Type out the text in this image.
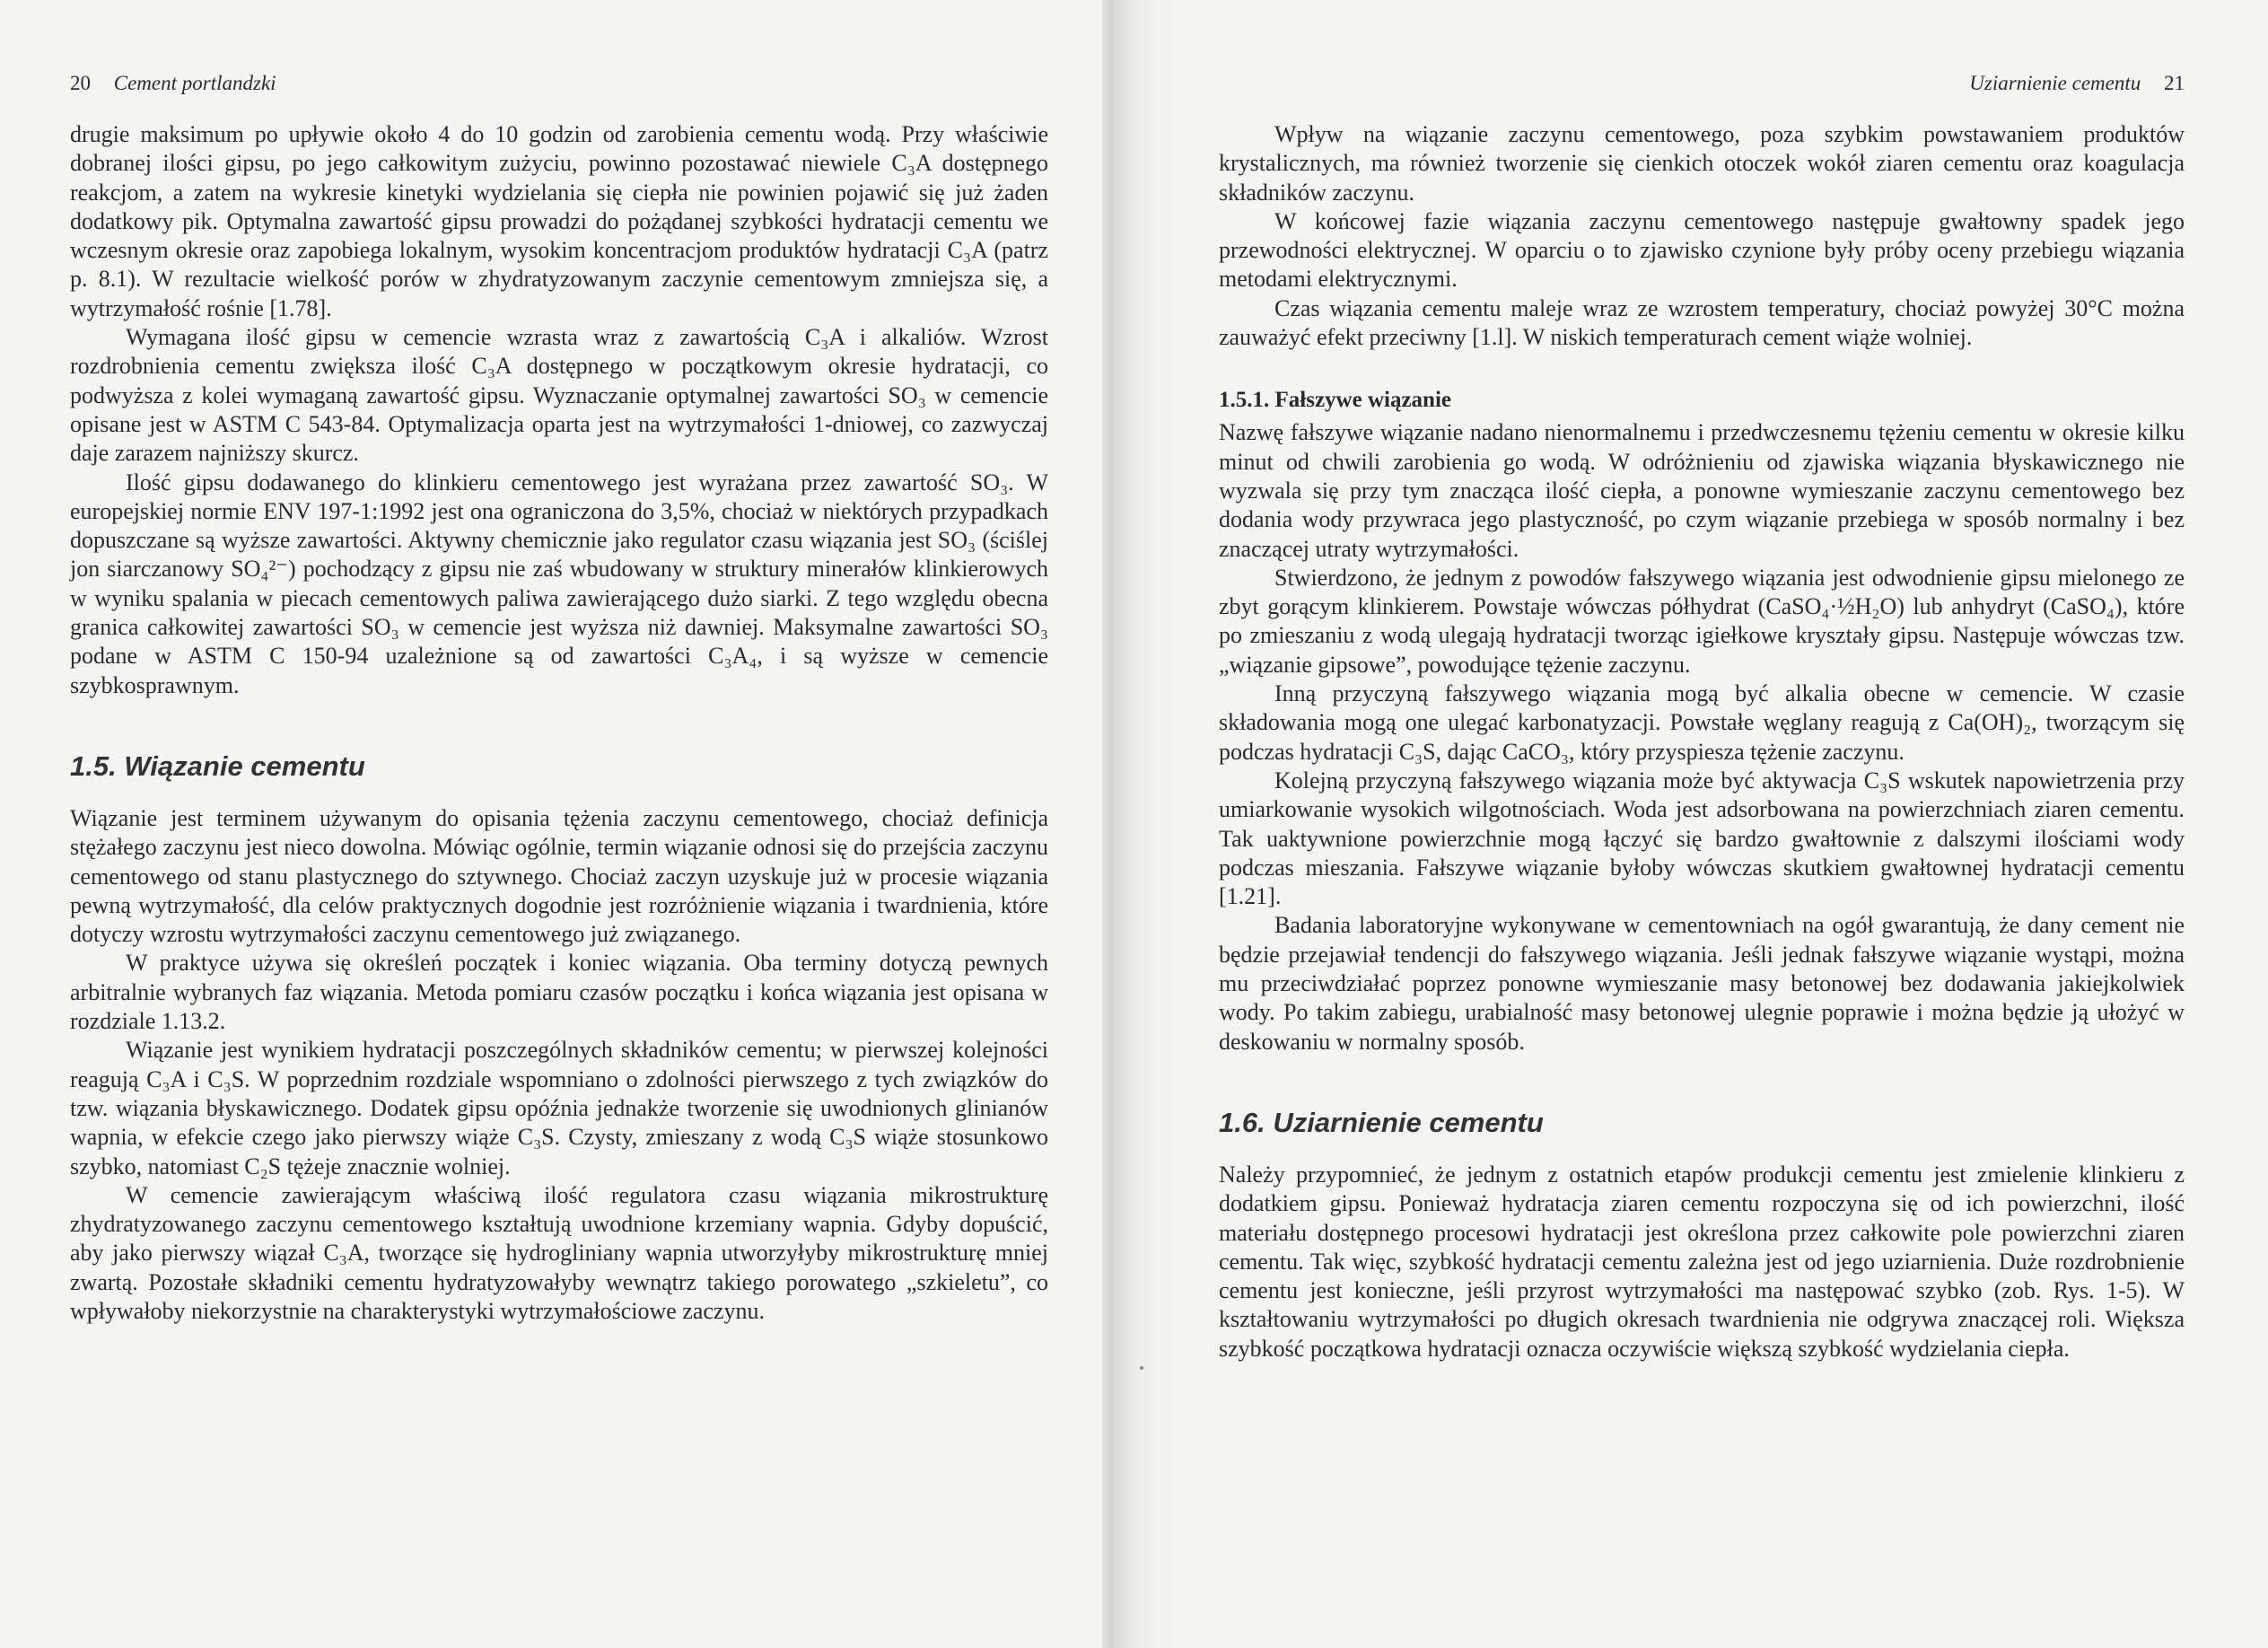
20 Cement portlandzki

drugie maksimum po upływie około 4 do 10 godzin od zarobienia cementu wodą. Przy właściwie dobranej ilości gipsu, po jego całkowitym zużyciu, powinno pozostawać niewiele C₃A dostępnego reakcjom, a zatem na wykresie kinetyki wydzielania się ciepła nie powinien pojawić się już żaden dodatkowy pik. Optymalna zawartość gipsu prowadzi do pożądanej szybkości hydratacji cementu we wczesnym okresie oraz zapobiega lokalnym, wysokim koncentracjom produktów hydratacji C₃A (patrz p. 8.1). W rezultacie wielkość porów w zhydratyzowanym zaczynie cementowym zmniejsza się, a wytrzymałość rośnie [1.78].

Wymagana ilość gipsu w cemencie wzrasta wraz z zawartością C₃A i alkaliów. Wzrost rozdrobnienia cementu zwiększa ilość C₃A dostępnego w początkowym okresie hydratacji, co podwyższa z kolei wymaganą zawartość gipsu. Wyznaczanie optymalnej zawartości SO₃ w cemencie opisane jest w ASTM C 543-84. Optymalizacja oparta jest na wytrzymałości 1-dniowej, co zazwyczaj daje zarazem najniższy skurcz.

Ilość gipsu dodawanego do klinkieru cementowego jest wyrażana przez zawartość SO₃. W europejskiej normie ENV 197-1:1992 jest ona ograniczona do 3,5%, chociaż w niektórych przypadkach dopuszczane są wyższe zawartości. Aktywny chemicznie jako regulator czasu wiązania jest SO₃ (ściślej jon siarczanowy SO₄²⁻) pochodzący z gipsu nie zaś wbudowany w struktury minerałów klinkierowych w wyniku spalania w piecach cementowych paliwa zawierającego dużo siarki. Z tego względu obecna granica całkowitej zawartości SO₃ w cemencie jest wyższa niż dawniej. Maksymalne zawartości SO₃ podane w ASTM C 150-94 uzależnione są od zawartości C₃A₄, i są wyższe w cemencie szybkosprawnym.

1.5. Wiązanie cementu

Wiązanie jest terminem używanym do opisania tężenia zaczynu cementowego, chociaż definicja stężałego zaczynu jest nieco dowolna. Mówiąc ogólnie, termin wiązanie odnosi się do przejścia zaczynu cementowego od stanu plastycznego do sztywnego. Chociaż zaczyn uzyskuje już w procesie wiązania pewną wytrzymałość, dla celów praktycznych dogodnie jest rozróżnienie wiązania i twardnienia, które dotyczy wzrostu wytrzymałości zaczynu cementowego już związanego.

W praktyce używa się określeń początek i koniec wiązania. Oba terminy dotyczą pewnych arbitralnie wybranych faz wiązania. Metoda pomiaru czasów początku i końca wiązania jest opisana w rozdziale 1.13.2.

Wiązanie jest wynikiem hydratacji poszczególnych składników cementu; w pierwszej kolejności reagują C₃A i C₃S. W poprzednim rozdziale wspomniano o zdolności pierwszego z tych związków do tzw. wiązania błyskawicznego. Dodatek gipsu opóźnia jednakże tworzenie się uwodnionych glinianów wapnia, w efekcie czego jako pierwszy wiąże C₃S. Czysty, zmieszany z wodą C₃S wiąże stosunkowo szybko, natomiast C₂S tężeje znacznie wolniej.

W cemencie zawierającym właściwą ilość regulatora czasu wiązania mikrostrukturę zhydratyzowanego zaczynu cementowego kształtują uwodnione krzemiany wapnia. Gdyby dopuścić, aby jako pierwszy wiązał C₃A, tworzące się hydrogliniany wapnia utworzyłyby mikrostrukturę mniej zwartą. Pozostałe składniki cementu hydratyzowałyby wewnątrz takiego porowatego „szkieletu”, co wpływałoby niekorzystnie na charakterystyki wytrzymałościowe zaczynu.

Uziarnienie cementu 21

Wpływ na wiązanie zaczynu cementowego, poza szybkim powstawaniem produktów krystalicznych, ma również tworzenie się cienkich otoczek wokół ziaren cementu oraz koagulacja składników zaczynu.

W końcowej fazie wiązania zaczynu cementowego następuje gwałtowny spadek jego przewodności elektrycznej. W oparciu o to zjawisko czynione były próby oceny przebiegu wiązania metodami elektrycznymi.

Czas wiązania cementu maleje wraz ze wzrostem temperatury, chociaż powyżej 30°C można zauważyć efekt przeciwny [1.l]. W niskich temperaturach cement wiąże wolniej.

1.5.1. Fałszywe wiązanie

Nazwę fałszywe wiązanie nadano nienormalnemu i przedwczesnemu tężeniu cementu w okresie kilku minut od chwili zarobienia go wodą. W odróżnieniu od zjawiska wiązania błyskawicznego nie wyzwala się przy tym znacząca ilość ciepła, a ponowne wymieszanie zaczynu cementowego bez dodania wody przywraca jego plastyczność, po czym wiązanie przebiega w sposób normalny i bez znaczącej utraty wytrzymałości.

Stwierdzono, że jednym z powodów fałszywego wiązania jest odwodnienie gipsu mielonego ze zbyt gorącym klinkierem. Powstaje wówczas półhydrat (CaSO₄·½H₂O) lub anhydryt (CaSO₄), które po zmieszaniu z wodą ulegają hydratacji tworząc igiełkowe kryształy gipsu. Następuje wówczas tzw. „wiązanie gipsowe”, powodujące tężenie zaczynu.

Inną przyczyną fałszywego wiązania mogą być alkalia obecne w cemencie. W czasie składowania mogą one ulegać karbonatyzacji. Powstałe węglany reagują z Ca(OH)₂, tworzącym się podczas hydratacji C₃S, dając CaCO₃, który przyspiesza tężenie zaczynu.

Kolejną przyczyną fałszywego wiązania może być aktywacja C₃S wskutek napowietrzenia przy umiarkowanie wysokich wilgotnościach. Woda jest adsorbowana na powierzchniach ziaren cementu. Tak uaktywnione powierzchnie mogą łączyć się bardzo gwałtownie z dalszymi ilościami wody podczas mieszania. Fałszywe wiązanie byłoby wówczas skutkiem gwałtownej hydratacji cementu [1.21].

Badania laboratoryjne wykonywane w cementowniach na ogół gwarantują, że dany cement nie będzie przejawiał tendencji do fałszywego wiązania. Jeśli jednak fałszywe wiązanie wystąpi, można mu przeciwdziałać poprzez ponowne wymieszanie masy betonowej bez dodawania jakiejkolwiek wody. Po takim zabiegu, urabialność masy betonowej ulegnie poprawie i można będzie ją ułożyć w deskowaniu w normalny sposób.

1.6. Uziarnienie cementu

Należy przypomnieć, że jednym z ostatnich etapów produkcji cementu jest zmielenie klinkieru z dodatkiem gipsu. Ponieważ hydratacja ziaren cementu rozpoczyna się od ich powierzchni, ilość materiału dostępnego procesowi hydratacji jest określona przez całkowite pole powierzchni ziaren cementu. Tak więc, szybkość hydratacji cementu zależna jest od jego uziarnienia. Duże rozdrobnienie cementu jest konieczne, jeśli przyrost wytrzymałości ma następować szybko (zob. Rys. 1-5). W kształtowaniu wytrzymałości po długich okresach twardnienia nie odgrywa znaczącej roli. Większa szybkość początkowa hydratacji oznacza oczywiście większą szybkość wydzielania ciepła.
